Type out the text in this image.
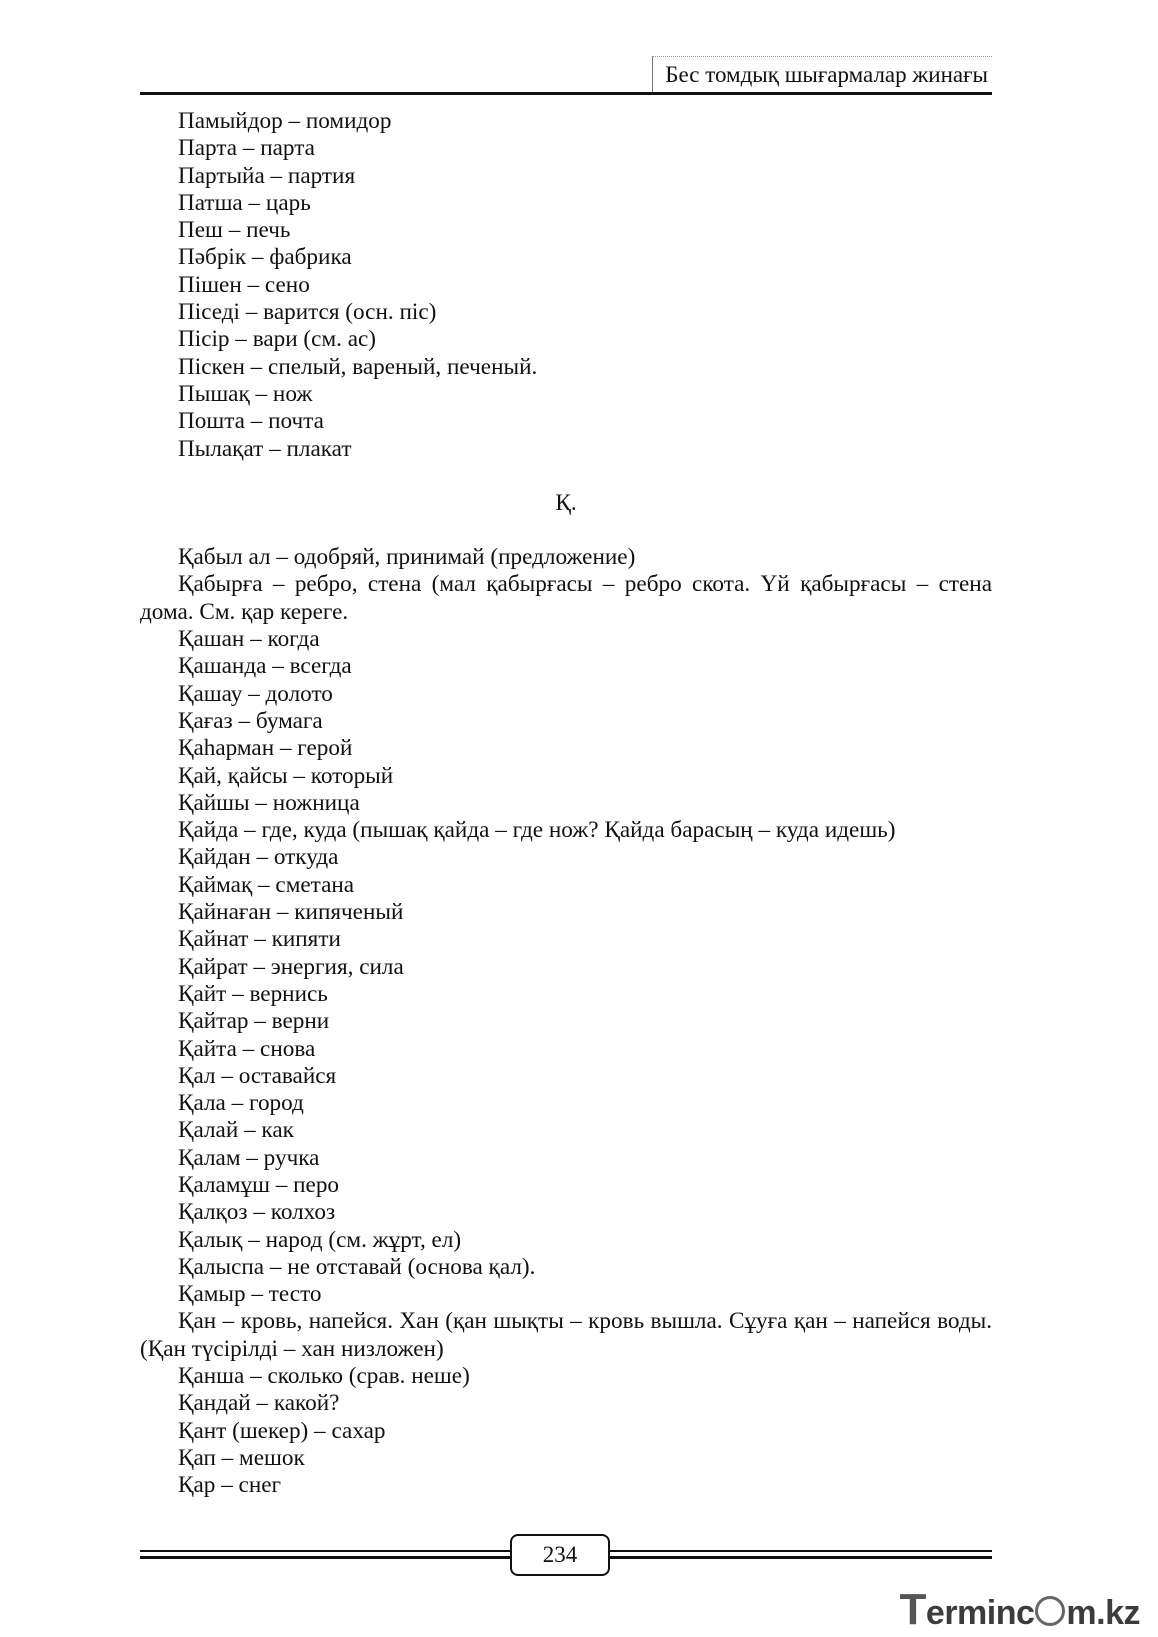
Бес томдық шығармалар жинағы

Памыйдор – помидор

Парта – парта

Партыйа – партия

Патша – царь

Пеш – печь

Пәбрік – фабрика

Пішен – сено

Піседі – варится (осн. піс)

Пісір – вари (см. ас)

Піскен – спелый, вареный, печеный.

Пышақ – нож

Пошта – почта

Пылақат – плакат

Қ.

Қабыл ал – одобряй, принимай (предложение)

Қабырға – ребро, стена (мал қабырғасы – ребро скота. Үй қабырғасы – стена дома. См. қар кереге.

Қашан – когда

Қашанда – всегда

Қашау – долото

Қағаз – бумага

Қаһарман – герой

Қай, қайсы – который

Қайшы – ножница

Қайда – где, куда (пышақ қайда – где нож? Қайда барасың – куда идешь)

Қайдан – откуда

Қаймақ – сметана

Қайнаған – кипяченый

Қайнат – кипяти

Қайрат – энергия, сила

Қайт – вернись

Қайтар – верни

Қайта – снова

Қал – оставайся

Қала – город

Қалай – как

Қалам – ручка

Қаламұш – перо

Қалқоз – колхоз

Қалық – народ (см. жұрт, ел)

Қалыспа – не отставай (основа қал).

Қамыр – тесто

Қан – кровь, напейся. Хан (қан шықты – кровь вышла. Сұуға қан – напейся воды. (Қан түсірілді – хан низложен)

Қанша – сколько (срав. неше)

Қандай – какой?

Қант (шекер) – сахар

Қап – мешок

Қар – снег

234
Terminc m.kz
